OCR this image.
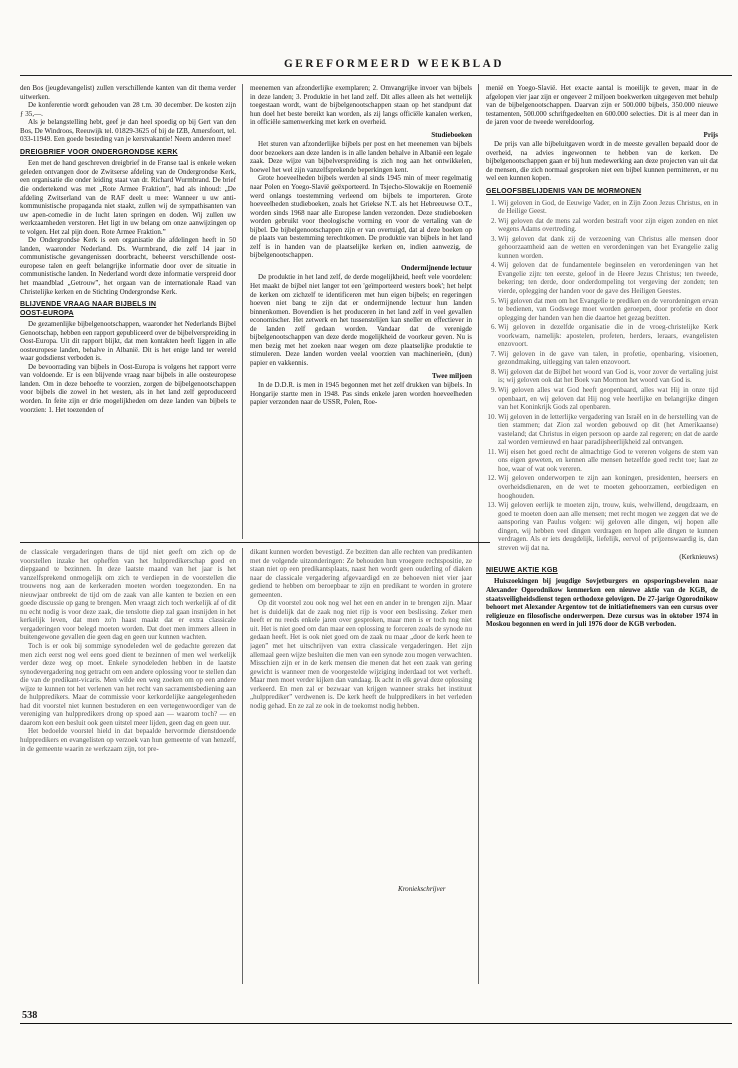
GEREFORMEERD WEEKBLAD

den Bos (jeugdevangelist) zullen verschillende kanten van dit thema verder uitwerken.

De konferentie wordt gehouden van 28 t.m. 30 december. De kosten zijn ƒ 35,—.

Als je belangstelling hebt, geef je dan heel spoedig op bij Gert van den Bos, De Windroos, Reeuwijk tel. 01829-3625 of bij de IZB, Amersfoort, tel. 033-11949. Een goede besteding van je kerstvakantie! Neem anderen mee!

DREIGBRIEF VOOR ONDERGRONDSE KERK

Een met de hand geschreven dreigbrief in de Franse taal is enkele weken geleden ontvangen door de Zwitserse afdeling van de Ondergrondse Kerk, een organisatie die onder leiding staat van dr. Richard Wurmbrand. De brief die ondertekend was met „Rote Armee Fraktion”, had als inhoud: „De afdeling Zwitserland van de RAF deelt u mee: Wanneer u uw anti-kommunistische propaganda niet staakt, zullen wij de sympathisanten van uw apen-comedie in de lucht laten springen en doden. Wij zullen uw werkzaamheden verstoren. Het ligt in uw belang om onze aanwijzingen op te volgen. Het zal pijn doen. Rote Armee Fraktion.”

De Ondergrondse Kerk is een organisatie die afdelingen heeft in 50 landen, waaronder Nederland. Ds. Wurmbrand, die zelf 14 jaar in communistische gevangenissen doorbracht, beheerst verschillende oost-europese talen en geeft belangrijke informatie door over de situatie in communistische landen. In Nederland wordt deze informatie verspreid door het maandblad „Getrouw”, het orgaan van de internationale Raad van Christelijke kerken en de Stichting Ondergrondse Kerk.

BLIJVENDE VRAAG NAAR BIJBELS IN
OOST-EUROPA

De gezamenlijke bijbelgenootschappen, waaronder het Nederlands Bijbel Genootschap, hebben een rapport gepubliceerd over de bijbelverspreiding in Oost-Europa. Uit dit rapport blijkt, dat men kontakten heeft liggen in alle oosteuropese landen, behalve in Albanië. Dit is het enige land ter wereld waar godsdienst verboden is.

De bevoorrading van bijbels in Oost-Europa is volgens het rapport verre van voldoende. Er is een blijvende vraag naar bijbels in alle oosteuropese landen. Om in deze behoefte te voorzien, zorgen de bijbelgenootschappen voor bijbels die zowel in het westen, als in het land zelf geproduceerd worden. In feite zijn er drie mogelijkheden om deze landen van bijbels te voorzien: 1. Het toezenden of

meenemen van afzonderlijke exemplaren; 2. Omvangrijke invoer van bijbels in deze landen; 3. Produktie in het land zelf. Dit alles alleen als het wettelijk toegestaan wordt, want de bijbelgenootschappen staan op het standpunt dat hun doel het beste bereikt kan worden, als zij langs officiële kanalen werken, in officiële samenwerking met kerk en overheid.

Studieboeken

Het sturen van afzonderlijke bijbels per post en het meenemen van bijbels door bezoekers aan deze landen is in alle landen behalve in Albanië een legale zaak. Deze wijze van bijbelverspreiding is zich nog aan het ontwikkelen, hoewel het wel zijn vanzelfsprekende beperkingen kent.

Grote hoeveelheden bijbels werden al sinds 1945 min of meer regelmatig naar Polen en Yoego-Slavië geëxporteerd. In Tsjecho-Slowakije en Roemenië werd onlangs toestemming verleend om bijbels te importeren. Grote hoeveelheden studieboeken, zoals het Griekse N.T. als het Hebreeuwse O.T., worden sinds 1968 naar alle Europese landen verzonden. Deze studieboeken worden gebruikt voor theologische vorming en voor de vertaling van de bijbel. De bijbelgenootschappen zijn er van overtuigd, dat al deze boeken op de plaats van bestemming terechtkomen. De produktie van bijbels in het land zelf is in handen van de plaatselijke kerken en, indien aanwezig, de bijbelgenootschappen.

Ondermijnende lectuur

De produktie in het land zelf, de derde mogelijkheid, heeft vele voordelen: Het maakt de bijbel niet langer tot een 'geïmporteerd westers boek'; het helpt de kerken om zichzelf te identificeren met hun eigen bijbels; en regeringen hoeven niet bang te zijn dat er ondermijnende lectuur hun landen binnenkomen. Bovendien is het produceren in het land zelf in veel gevallen economischer. Het zetwerk en het tussenstelijen kan sneller en effectiever in de landen zelf gedaan worden. Vandaar dat de verenigde bijbelgenootschappen van deze derde mogelijkheid de voorkeur geven. Nu is men bezig met het zoeken naar wegen om deze plaatselijke produktie te stimuleren. Deze landen worden veelal voorzien van machinerieën, (dun) papier en vakkennis.

Twee miljoen

In de D.D.R. is men in 1945 begonnen met het zelf drukken van bijbels. In Hongarije startte men in 1948. Pas sinds enkele jaren worden hoeveelheden papier verzonden naar de USSR, Polen, Roe-

menië en Yoego-Slavië. Het exacte aantal is moeilijk te geven, maar in de afgelopen vier jaar zijn er ongeveer 2 miljoen boekwerken uitgegeven met behulp van de bijbelgenootschappen. Daarvan zijn er 500.000 bijbels, 350.000 nieuwe testamenten, 500.000 schriftgedeelten en 600.000 selecties. Dit is al meer dan in de jaren voor de tweede wereldoorlog.

Prijs

De prijs van alle bijbeluitgaven wordt in de meeste gevallen bepaald door de overheid, na advies ingewonnen te hebben van de kerken. De bijbelgenootschappen gaan er bij hun medewerking aan deze projecten van uit dat de mensen, die zich normaal gesproken niet een bijbel kunnen permitteren, er nu wel een kunnen kopen.

GELOOFSBELIJDENIS VAN DE MORMONEN
1. Wij geloven in God, de Eeuwige Vader, en in Zijn Zoon Jezus Christus, en in de Heilige Geest.
2. Wij geloven dat de mens zal worden bestraft voor zijn eigen zonden en niet wegens Adams overtreding.
3. Wij geloven dat dank zij de verzoening van Christus alle mensen door gehoorzaamheid aan de wetten en verordeningen van het Evangelie zalig kunnen worden.
4. Wij geloven dat de fundamentele beginselen en verordeningen van het Evangelie zijn: ten eerste, geloof in de Heere Jezus Christus; ten tweede, bekering; ten derde, door onderdompeling tot vergeving der zonden; ten vierde, oplegging der handen voor de gave des Heiligen Geestes.
5. Wij geloven dat men om het Evangelie te prediken en de verordeningen ervan te bedienen, van Godswege moet worden geroepen, door profetie en door oplegging der handen van hen die daartoe het gezag bezitten.
6. Wij geloven in dezelfde organisatie die in de vroeg-christelijke Kerk voorkwam, namelijk: apostelen, profeten, herders, leraars, evangelisten enzovoort.
7. Wij geloven in de gave van talen, in profetie, openbaring, visioenen, gezondmaking, uitlegging van talen enzovoort.
8. Wij geloven dat de Bijbel het woord van God is, voor zover de vertaling juist is; wij geloven ook dat het Boek van Mormon het woord van God is.
9. Wij geloven alles wat God heeft geopenbaard, alles wat Hij in onze tijd openbaart, en wij geloven dat Hij nog vele heerlijke en belangrijke dingen van het Koninkrijk Gods zal openbaren.
10. Wij geloven in de letterlijke vergadering van Israël en in de herstelling van de tien stammen; dat Zion zal worden gebouwd op dit (het Amerikaanse) vasteland; dat Christus in eigen persoon op aarde zal regeren; en dat de aarde zal worden vernieuwd en haar paradijsheerlijkheid zal ontvangen.
11. Wij eisen het goed recht de almachtige God te vereren volgens de stem van ons eigen geweten, en kennen alle mensen hetzelfde goed recht toe; laat ze hoe, waar of wat ook vereren.
12. Wij geloven onderworpen te zijn aan koningen, presidenten, heersers en overheidsdienaren, en de wet te moeten gehoorzamen, eerbiedigen en hooghouden.
13. Wij geloven eerlijk te moeten zijn, trouw, kuis, welwillend, deugdzaam, en goed te moeten doen aan alle mensen; met recht mogen we zeggen dat we de aansporing van Paulus volgen: wij geloven alle dingen, wij hopen alle dingen, wij hebben veel dingen verdragen en hopen alle dingen te kunnen verdragen. Als er iets deugdelijk, liefelijk, eervol of prijzenswaardig is, dan streven wij dat na.
(Kerknieuws)
NIEUWE AKTIE KGB

Huiszoekingen bij jeugdige Sovjetburgers en opsporingsbevelen naar Alexander Ogorodnikow kenmerken een nieuwe aktie van de KGB, de staatsveiligheidsdienst tegen orthodoxe gelovigen. De 27-jarige Ogorodnikow behoort met Alexander Argentow tot de initiatiefnemers van een cursus over religieuze en filosofische onderwerpen. Deze cursus was in oktober 1974 in Moskou begonnen en werd in juli 1976 door de KGB verboden.

de classicale vergaderingen thans de tijd niet geeft om zich op de voorstellen inzake het opheffen van het hulppredikerschap goed en diepgaand te bezinnen. In deze laatste maand van het jaar is het vanzelfsprekend onmogelijk om zich te verdiepen in de voorstellen die trouwens nog aan de kerkeraden moeten worden toegezonden. En na nieuwjaar ontbreekt de tijd om de zaak van alle kanten te bezien en een goede discussie op gang te brengen. Men vraagt zich toch werkelijk af of dit nu echt nodig is voor deze zaak, die tenslotte diep zal gaan insnijden in het kerkelijk leven, dat men zo'n haast maakt dat er extra classicale vergaderingen voor belegd moeten worden. Dat doet men immers alleen in buitengewone gevallen die geen dag en geen uur kunnen wachten.

Toch is er ook bij sommige synodeleden wel de gedachte gerezen dat men zich eerst nog wel eens goed dient te bezinnen of men wel werkelijk verder deze weg op moet. Enkele synodeleden hebben in de laatste synodevergadering nog getracht om een andere oplossing voor te stellen dan die van de predikant-vicaris. Men wilde een weg zoeken om op een andere wijze te kunnen tot het verlenen van het recht van sacramentsbediening aan de hulppredikers. Maar de commissie voor kerkordelijke aangelegenheden had dit voorstel niet kunnen bestuderen en een vertegenwoordiger van de vereniging van hulppredikers drong op spoed aan — waarom toch? — en daarom kon een besluit ook geen uitstel meer lijden, geen dag en geen uur.

Het bedoelde voorstel hield in dat bepaalde hervormde dienstdoende hulppredikers en evangelisten op verzoek van hun gemeente of van henzelf, in de gemeente waarin ze werkzaam zijn, tot pre-

dikant kunnen worden bevestigd. Ze bezitten dan alle rechten van predikanten met de volgende uitzonderingen: Ze behouden hun vroegere rechtspositie, ze staan niet op een predikantsplaats, naast hen wordt geen ouderling of diaken naar de classicale vergadering afgevaardigd en ze behoeven niet vier jaar gediend te hebben om beroepbaar te zijn en predikant te worden in grotere gemeenten.

Op dit voorstel zou ook nog wel het een en ander in te brengen zijn. Maar het is duidelijk dat de zaak nog niet rijp is voor een beslissing. Zeker men heeft er nu reeds enkele jaren over gesproken, maar men is er toch nog niet uit. Het is niet goed om dan maar een oplossing te forceren zoals de synode nu gedaan heeft. Het is ook niet goed om de zaak nu maar „door de kerk heen te jagen” met het uitschrijven van extra classicale vergaderingen. Het zijn allemaal geen wijze besluiten die men van een synode zou mogen verwachten. Misschien zijn er in de kerk mensen die menen dat het een zaak van gering gewicht is wanneer men de voorgestelde wijziging inderdaad tot wet verheft. Maar men moet verder kijken dan vandaag. Ik acht in elk geval deze oplossing verkeerd. En men zal er bezwaar van krijgen wanneer straks het instituut „hulpprediker” verdwenen is. De kerk heeft de hulppredikers in het verleden nodig gehad. En ze zal ze ook in de toekomst nodig hebben.

Kroniekschrijver
538
